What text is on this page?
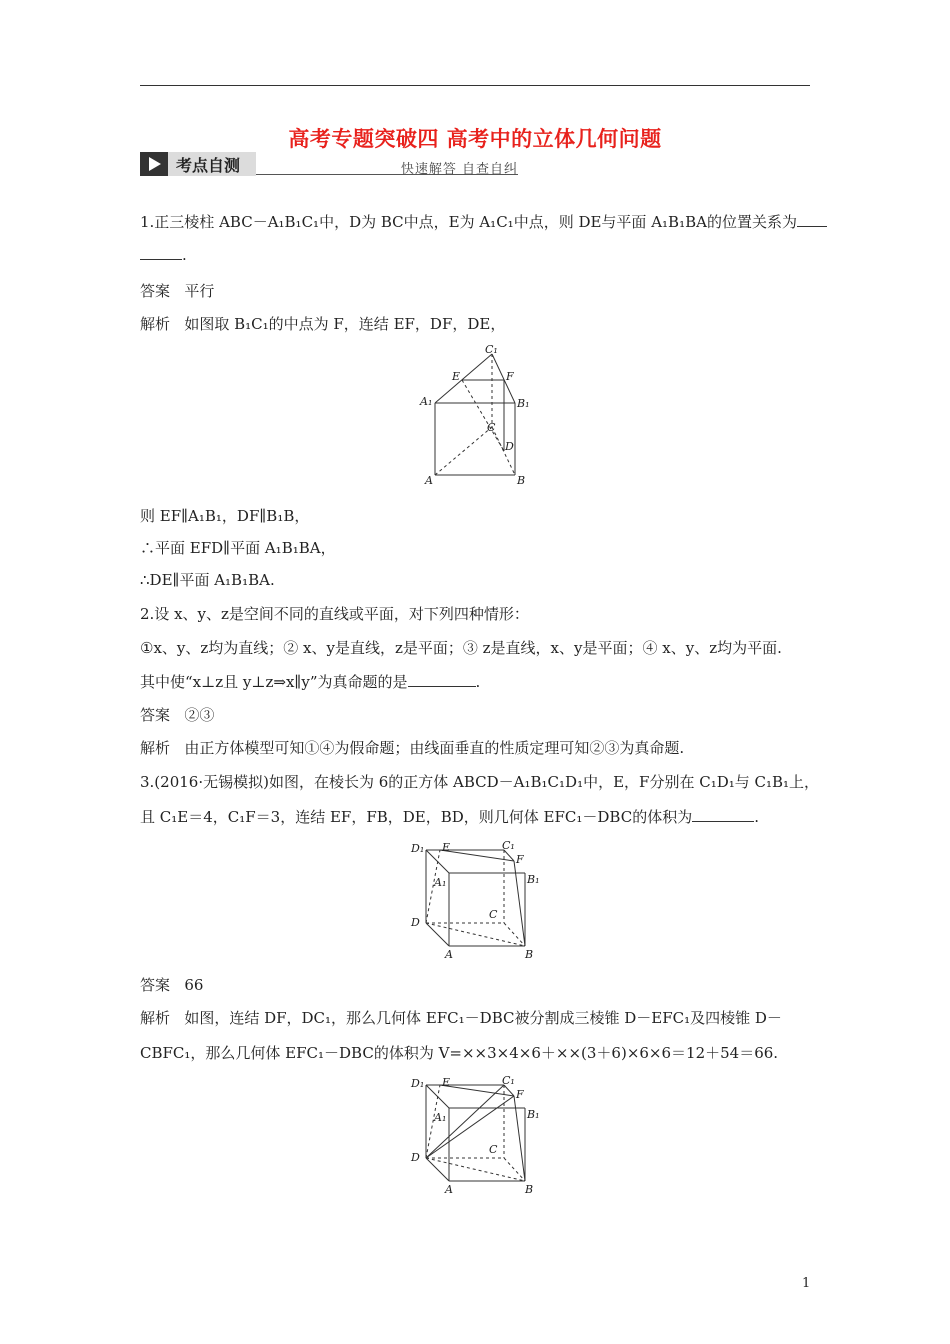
高考专题突破四 高考中的立体几何问题
考点自测	快速解答 自查自纠
1.正三棱柱 ABC－A₁B₁C₁中，D为 BC中点，E为 A₁C₁中点，则 DE与平面 A₁B₁BA的位置关系为
.
答案 平行
解析 如图取 B₁C₁的中点为 F，连结 EF，DF，DE，
C₁
E	F
A₁	B₁
C
D
A	B
则 EF∥A₁B₁，DF∥B₁B，
∴平面 EFD∥平面 A₁B₁BA，
∴DE∥平面 A₁B₁BA.
2.设 x、y、z是空间不同的直线或平面，对下列四种情形：
①x、y、z均为直线；② x、y是直线，z是平面；③ z是直线，x、y是平面；④ x、y、z均为平面.
其中使“x⊥z且 y⊥z⇒x∥y”为真命题的是	.
答案 ②③
解析 由正方体模型可知①④为假命题；由线面垂直的性质定理可知②③为真命题.
3.(2016·无锡模拟)如图，在棱长为 6的正方体 ABCD－A₁B₁C₁D₁中，E，F分别在 C₁D₁与 C₁B₁上，
且 C₁E＝4，C₁F＝3，连结 EF，FB，DE，BD，则几何体 EFC₁－DBC的体积为	.
D₁ E	C₁
F
A₁	B₁
C
D
A	B
答案 66
解析 如图，连结 DF，DC₁，那么几何体 EFC₁－DBC被分割成三棱锥 D－EFC₁及四棱锥 D－
CBFC₁，那么几何体 EFC₁－DBC的体积为 V=××3×4×6＋××(3＋6)×6×6＝12＋54＝66.
D₁ E	C₁
F
A₁	B₁
C
D
A	B
1
